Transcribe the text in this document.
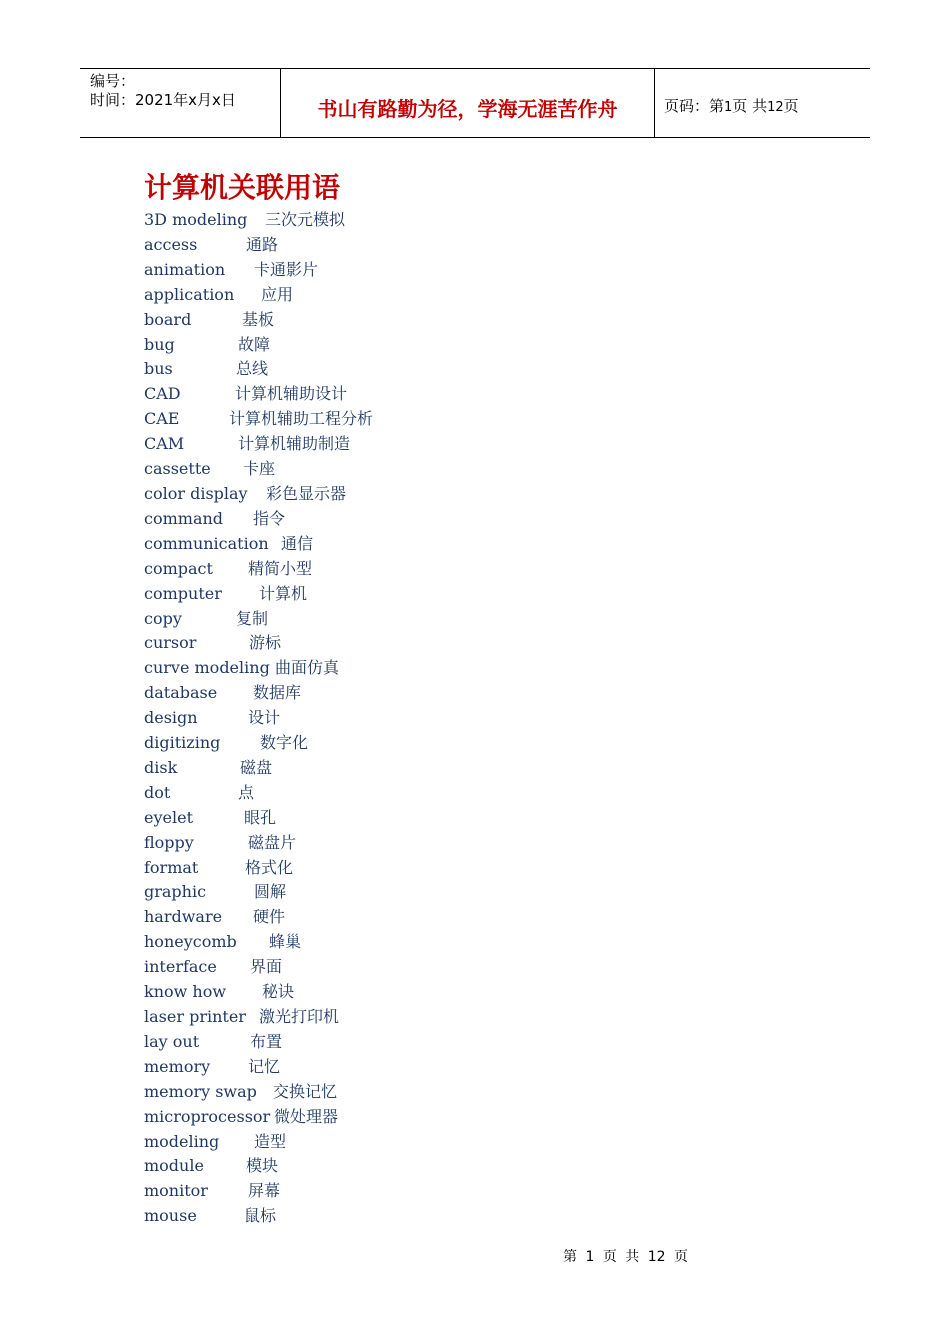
编号：
时间：2021年x月x日	书山有路勤为径，学海无涯苦作舟	页码：第1页 共12页
计算机关联用语
3D modeling 三次元模拟
access	通路
animation 卡通影片
application 应用
board	基板
bug	故障
bus	总线
CAD	计算机辅助设计
CAE	计算机辅助工程分析
CAM	计算机辅助制造
cassette 卡座
color display 彩色显示器
command 指令
communication 通信
compact 精简小型
computer 计算机
copy	复制
cursor	游标
curve modeling 曲面仿真
database 数据库
design	设计
digitizing 数字化
disk	磁盘
dot	点
eyelet	眼孔
floppy	磁盘片
format	格式化
graphic	圆解
hardware 硬件
honeycomb 蜂巢
interface 界面
know how 秘诀
laser printer 激光打印机
lay out	布置
memory 记忆
memory swap 交换记忆
microprocessor 微处理器
modeling 造型
module	模块
monitor	屏幕
mouse	鼠标
第 1 页 共 12 页
